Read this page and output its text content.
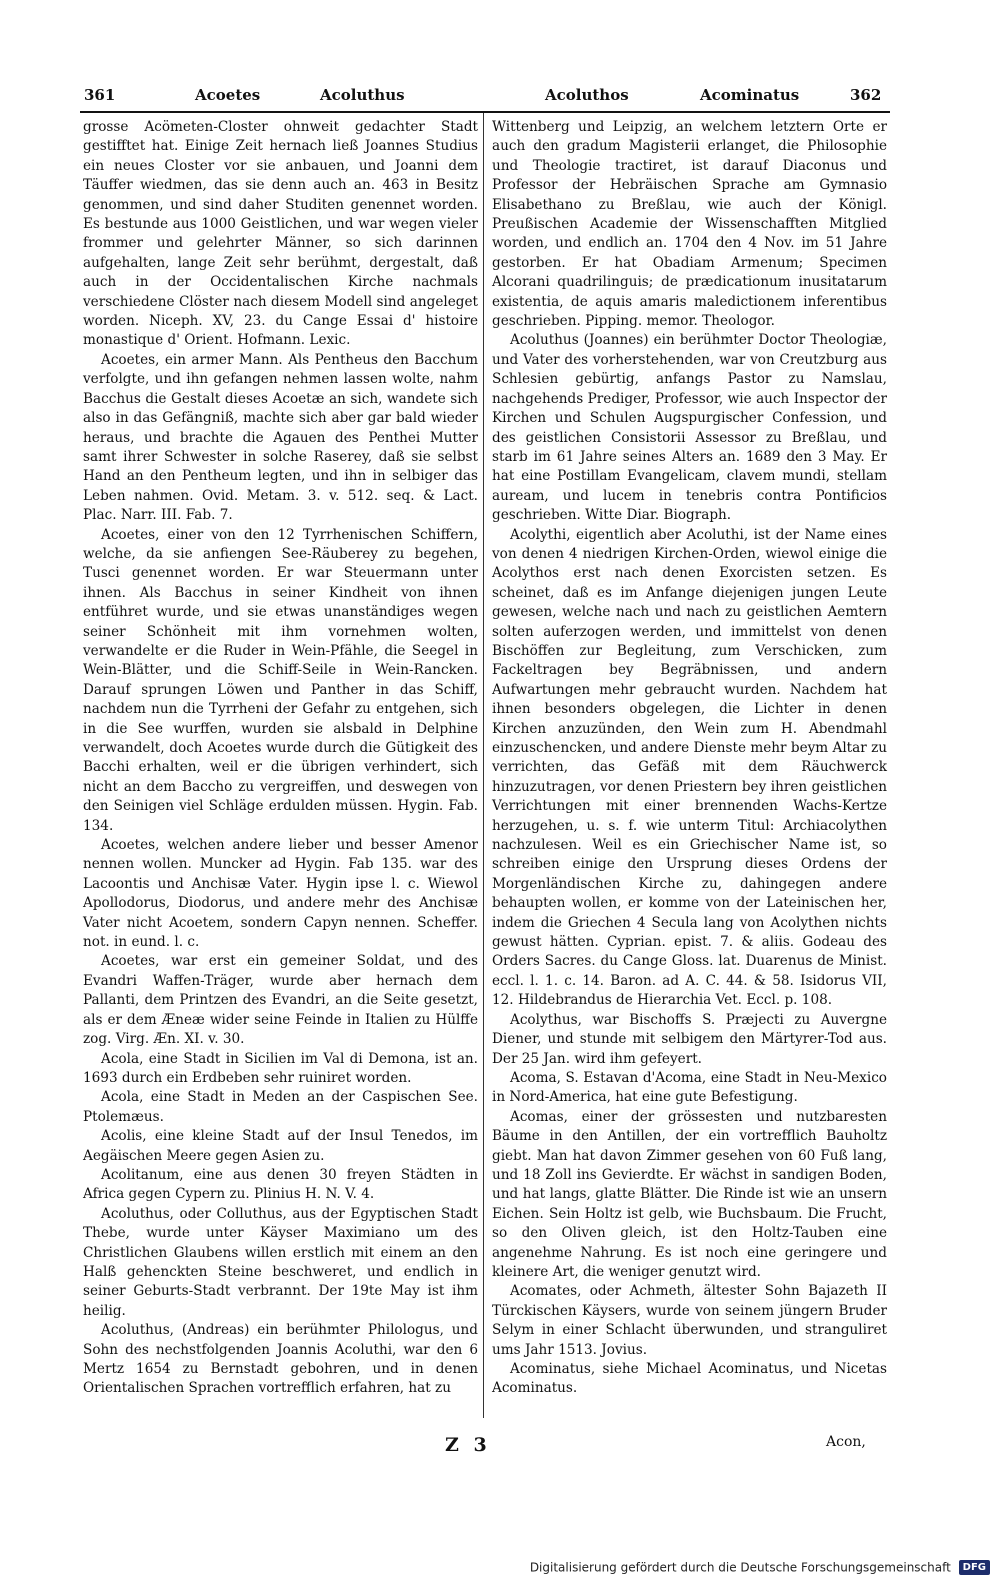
361	Acoetes	Acoluthus	Acoluthos	Acominatus	362

grosse Acömeten-Closter ohnweit gedachter Stadt gestifftet hat. Einige Zeit hernach ließ Joannes Studius ein neues Closter vor sie anbauen, und Joanni dem Täuffer wiedmen, das sie denn auch an. 463 in Besitz genommen, und sind daher Studiten genennet worden. Es bestunde aus 1000 Geistlichen, und war wegen vieler frommer und gelehrter Männer, so sich darinnen aufgehalten, lange Zeit sehr berühmt, dergestalt, daß auch in der Occidentalischen Kirche nachmals verschiedene Clöster nach diesem Modell sind angeleget worden. Niceph. XV, 23. du Cange Essai d' histoire monastique d' Orient. Hofmann. Lexic.

Acoetes, ein armer Mann. Als Pentheus den Bacchum verfolgte, und ihn gefangen nehmen lassen wolte, nahm Bacchus die Gestalt dieses Acoetæ an sich, wandete sich also in das Gefängniß, machte sich aber gar bald wieder heraus, und brachte die Agauen des Penthei Mutter samt ihrer Schwester in solche Raserey, daß sie selbst Hand an den Pentheum legten, und ihn in selbiger das Leben nahmen. Ovid. Metam. 3. v. 512. seq. & Lact. Plac. Narr. III. Fab. 7.

Acoetes, einer von den 12 Tyrrhenischen Schiffern, welche, da sie anfiengen See-Räuberey zu begehen, Tusci genennet worden. Er war Steuermann unter ihnen. Als Bacchus in seiner Kindheit von ihnen entführet wurde, und sie etwas unanständiges wegen seiner Schönheit mit ihm vornehmen wolten, verwandelte er die Ruder in Wein-Pfähle, die Seegel in Wein-Blätter, und die Schiff-Seile in Wein-Rancken. Darauf sprungen Löwen und Panther in das Schiff, nachdem nun die Tyrrheni der Gefahr zu entgehen, sich in die See wurffen, wurden sie alsbald in Delphine verwandelt, doch Acoetes wurde durch die Gütigkeit des Bacchi erhalten, weil er die übrigen verhindert, sich nicht an dem Baccho zu vergreiffen, und deswegen von den Seinigen viel Schläge erdulden müssen. Hygin. Fab. 134.

Acoetes, welchen andere lieber und besser Amenor nennen wollen. Muncker ad Hygin. Fab 135. war des Lacoontis und Anchisæ Vater. Hygin ipse l. c. Wiewol Apollodorus, Diodorus, und andere mehr des Anchisæ Vater nicht Acoetem, sondern Capyn nennen. Scheffer. not. in eund. l. c.

Acoetes, war erst ein gemeiner Soldat, und des Evandri Waffen-Träger, wurde aber hernach dem Pallanti, dem Printzen des Evandri, an die Seite gesetzt, als er dem Æneæ wider seine Feinde in Italien zu Hülffe zog. Virg. Æn. XI. v. 30.

Acola, eine Stadt in Sicilien im Val di Demona, ist an. 1693 durch ein Erdbeben sehr ruiniret worden.

Acola, eine Stadt in Meden an der Caspischen See. Ptolemæus.

Acolis, eine kleine Stadt auf der Insul Tenedos, im Aegäischen Meere gegen Asien zu.

Acolitanum, eine aus denen 30 freyen Städten in Africa gegen Cypern zu. Plinius H. N. V. 4.

Acoluthus, oder Colluthus, aus der Egyptischen Stadt Thebe, wurde unter Käyser Maximiano um des Christlichen Glaubens willen erstlich mit einem an den Halß gehenckten Steine beschweret, und endlich in seiner Geburts-Stadt verbrannt. Der 19te May ist ihm heilig.

Acoluthus, (Andreas) ein berühmter Philologus, und Sohn des nechstfolgenden Joannis Acoluthi, war den 6 Mertz 1654 zu Bernstadt gebohren, und in denen Orientalischen Sprachen vortrefflich erfahren, hat zu

Wittenberg und Leipzig, an welchem letztern Orte er auch den gradum Magisterii erlanget, die Philosophie und Theologie tractiret, ist darauf Diaconus und Professor der Hebräischen Sprache am Gymnasio Elisabethano zu Breßlau, wie auch der Königl. Preußischen Academie der Wissenschafften Mitglied worden, und endlich an. 1704 den 4 Nov. im 51 Jahre gestorben. Er hat Obadiam Armenum; Specimen Alcorani quadrilinguis; de prædicationum inusitatarum existentia, de aquis amaris maledictionem inferentibus geschrieben. Pipping. memor. Theologor.

Acoluthus (Joannes) ein berühmter Doctor Theologiæ, und Vater des vorherstehenden, war von Creutzburg aus Schlesien gebürtig, anfangs Pastor zu Namslau, nachgehends Prediger, Professor, wie auch Inspector der Kirchen und Schulen Augspurgischer Confession, und des geistlichen Consistorii Assessor zu Breßlau, und starb im 61 Jahre seines Alters an. 1689 den 3 May. Er hat eine Postillam Evangelicam, clavem mundi, stellam auream, und lucem in tenebris contra Pontificios geschrieben. Witte Diar. Biograph.

Acolythi, eigentlich aber Acoluthi, ist der Name eines von denen 4 niedrigen Kirchen-Orden, wiewol einige die Acolythos erst nach denen Exorcisten setzen. Es scheinet, daß es im Anfange diejenigen jungen Leute gewesen, welche nach und nach zu geistlichen Aemtern solten auferzogen werden, und immittelst von denen Bischöffen zur Begleitung, zum Verschicken, zum Fackeltragen bey Begräbnissen, und andern Aufwartungen mehr gebraucht wurden. Nachdem hat ihnen besonders obgelegen, die Lichter in denen Kirchen anzuzünden, den Wein zum H. Abendmahl einzuschencken, und andere Dienste mehr beym Altar zu verrichten, das Gefäß mit dem Räuchwerck hinzuzutragen, vor denen Priestern bey ihren geistlichen Verrichtungen mit einer brennenden Wachs-Kertze herzugehen, u. s. f. wie unterm Titul: Archiacolythen nachzulesen. Weil es ein Griechischer Name ist, so schreiben einige den Ursprung dieses Ordens der Morgenländischen Kirche zu, dahingegen andere behaupten wollen, er komme von der Lateinischen her, indem die Griechen 4 Secula lang von Acolythen nichts gewust hätten. Cyprian. epist. 7. & aliis. Godeau des Orders Sacres. du Cange Gloss. lat. Duarenus de Minist. eccl. l. 1. c. 14. Baron. ad A. C. 44. & 58. Isidorus VII, 12. Hildebrandus de Hierarchia Vet. Eccl. p. 108.

Acolythus, war Bischoffs S. Præjecti zu Auvergne Diener, und stunde mit selbigem den Märtyrer-Tod aus. Der 25 Jan. wird ihm gefeyert.

Acoma, S. Estavan d'Acoma, eine Stadt in Neu-Mexico in Nord-America, hat eine gute Befestigung.

Acomas, einer der grössesten und nutzbaresten Bäume in den Antillen, der ein vortrefflich Bauholtz giebt. Man hat davon Zimmer gesehen von 60 Fuß lang, und 18 Zoll ins Gevierdte. Er wächst in sandigen Boden, und hat langs, glatte Blätter. Die Rinde ist wie an unsern Eichen. Sein Holtz ist gelb, wie Buchsbaum. Die Frucht, so den Oliven gleich, ist den Holtz-Tauben eine angenehme Nahrung. Es ist noch eine geringere und kleinere Art, die weniger genutzt wird.

Acomates, oder Achmeth, ältester Sohn Bajazeth II Türckischen Käysers, wurde von seinem jüngern Bruder Selym in einer Schlacht überwunden, und stranguliret ums Jahr 1513. Jovius.

Acominatus, siehe Michael Acominatus, und Nicetas Acominatus.

Z 3	Acon,
Digitalisierung gefördert durch die Deutsche Forschungsgemeinschaft DFG
